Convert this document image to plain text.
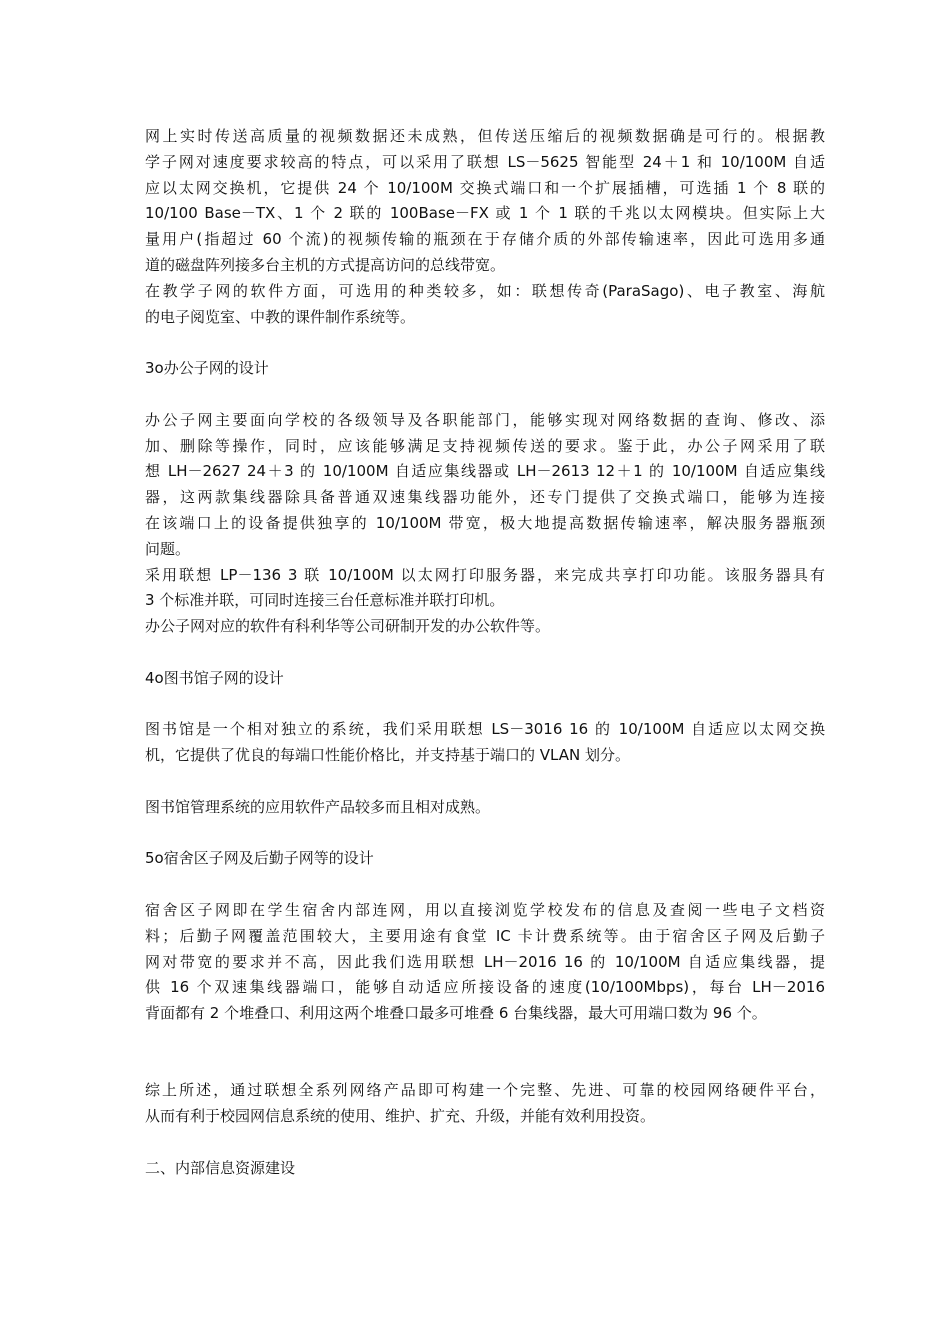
网上实时传送高质量的视频数据还未成熟，但传送压缩后的视频数据确是可行的。根据教
学子网对速度要求较高的特点，可以采用了联想 LS－5625 智能型 24＋1 和 10/100M 自适
应以太网交换机，它提供 24 个 10/100M 交换式端口和一个扩展插槽，可选插 1 个 8 联的
10/100 Base－TX、1 个 2 联的 100Base－FX 或 1 个 1 联的千兆以太网模块。但实际上大
量用户(指超过 60 个流)的视频传输的瓶颈在于存储介质的外部传输速率，因此可选用多通
道的磁盘阵列接多台主机的方式提高访问的总线带宽。
在教学子网的软件方面，可选用的种类较多，如：联想传奇(ParaSago)、电子教室、海航
的电子阅览室、中教的课件制作系统等。
3o办公子网的设计
办公子网主要面向学校的各级领导及各职能部门，能够实现对网络数据的查询、修改、添
加、删除等操作，同时，应该能够满足支持视频传送的要求。鉴于此，办公子网采用了联
想 LH－2627 24＋3 的 10/100M 自适应集线器或 LH－2613 12＋1 的 10/100M 自适应集线
器，这两款集线器除具备普通双速集线器功能外，还专门提供了交换式端口，能够为连接
在该端口上的设备提供独享的 10/100M 带宽，极大地提高数据传输速率，解决服务器瓶颈
问题。
采用联想 LP－136 3 联 10/100M 以太网打印服务器，来完成共享打印功能。该服务器具有
3 个标准并联，可同时连接三台任意标准并联打印机。
办公子网对应的软件有科利华等公司研制开发的办公软件等。
4o图书馆子网的设计
图书馆是一个相对独立的系统，我们采用联想 LS－3016 16 的 10/100M 自适应以太网交换
机，它提供了优良的每端口性能价格比，并支持基于端口的 VLAN 划分。
图书馆管理系统的应用软件产品较多而且相对成熟。
5o宿舍区子网及后勤子网等的设计
宿舍区子网即在学生宿舍内部连网，用以直接浏览学校发布的信息及查阅一些电子文档资
料；后勤子网覆盖范围较大，主要用途有食堂 IC 卡计费系统等。由于宿舍区子网及后勤子
网对带宽的要求并不高，因此我们选用联想 LH－2016 16 的 10/100M 自适应集线器，提
供 16 个双速集线器端口，能够自动适应所接设备的速度(10/100Mbps)，每台 LH－2016
背面都有 2 个堆叠口、利用这两个堆叠口最多可堆叠 6 台集线器，最大可用端口数为 96 个。
综上所述，通过联想全系列网络产品即可构建一个完整、先进、可靠的校园网络硬件平台，
从而有利于校园网信息系统的使用、维护、扩充、升级，并能有效利用投资。
二、内部信息资源建设
